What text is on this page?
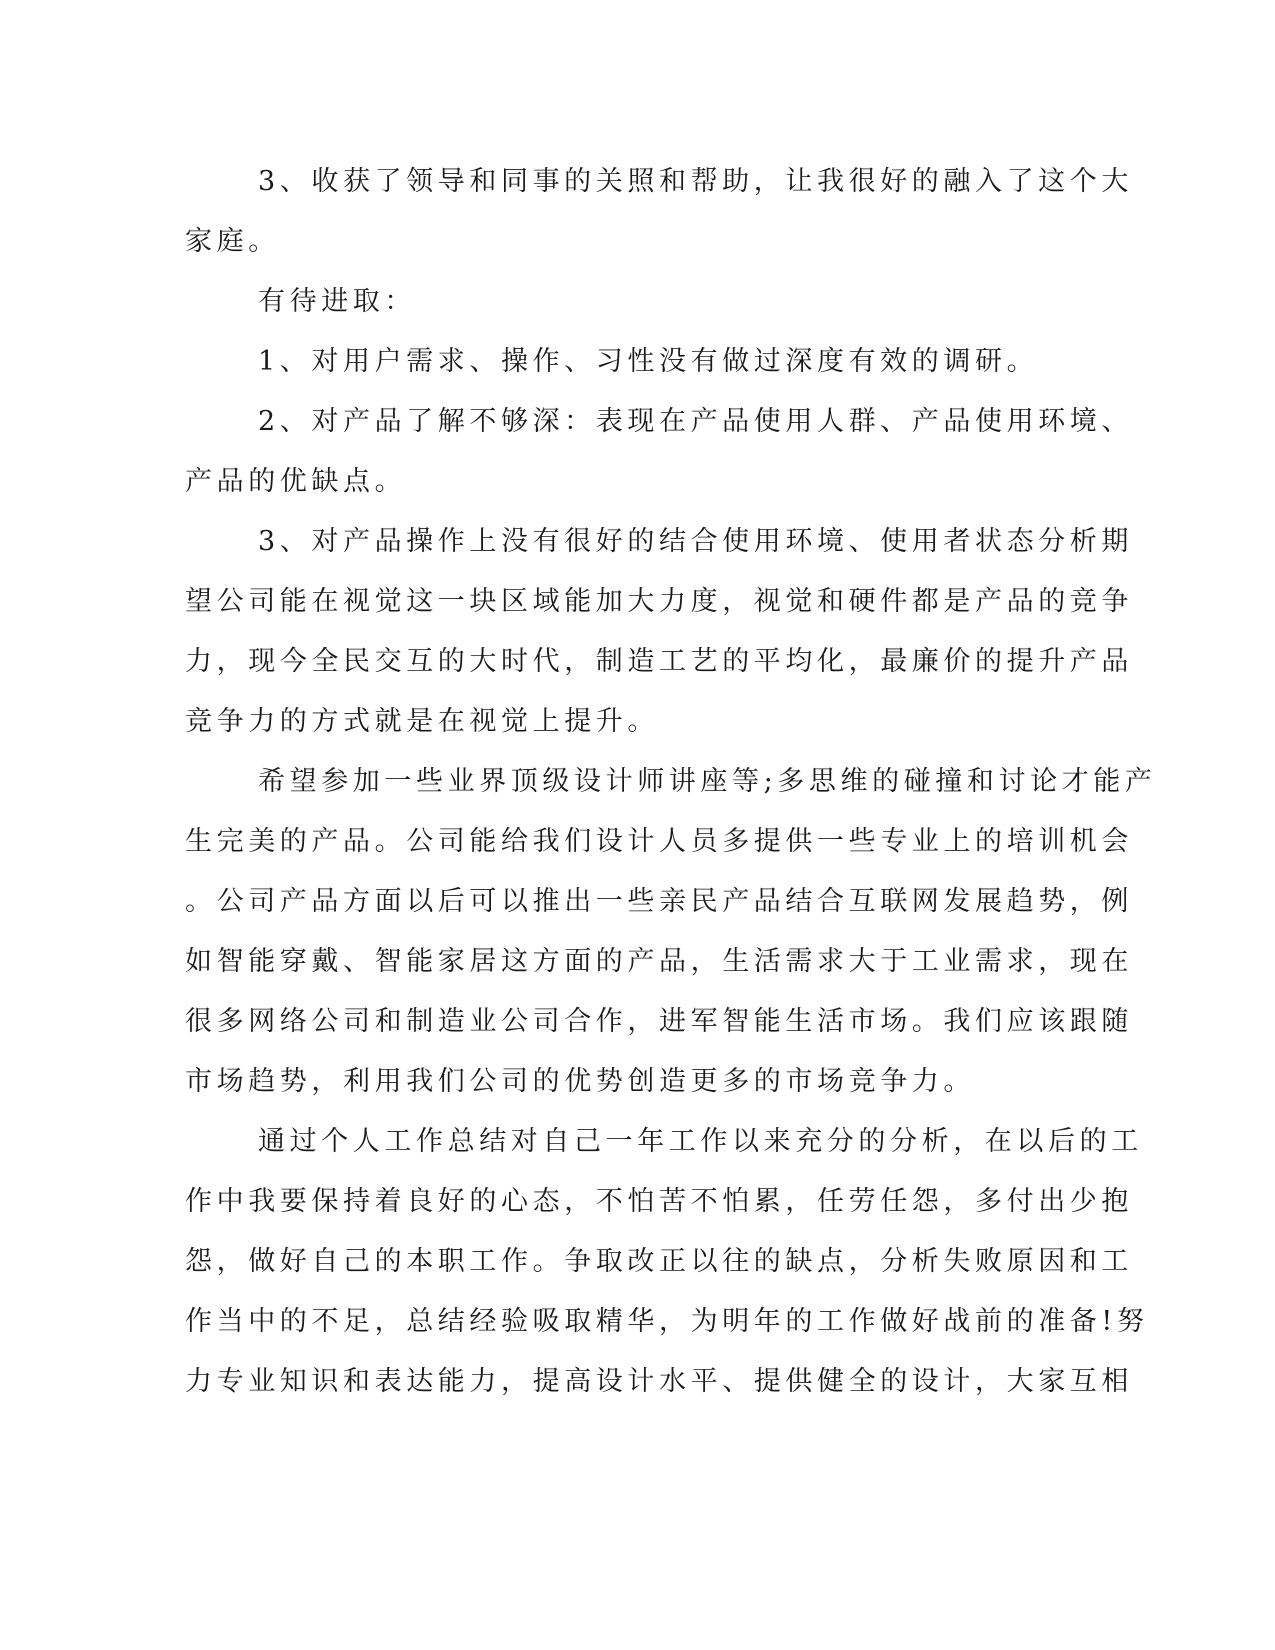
3、收获了领导和同事的关照和帮助，让我很好的融入了这个大
家庭。
有待进取：
1、对用户需求、操作、习性没有做过深度有效的调研。
2、对产品了解不够深：表现在产品使用人群、产品使用环境、
产品的优缺点。
3、对产品操作上没有很好的结合使用环境、使用者状态分析期
望公司能在视觉这一块区域能加大力度，视觉和硬件都是产品的竞争
力，现今全民交互的大时代，制造工艺的平均化，最廉价的提升产品
竞争力的方式就是在视觉上提升。
希望参加一些业界顶级设计师讲座等;多思维的碰撞和讨论才能产
生完美的产品。公司能给我们设计人员多提供一些专业上的培训机会
。公司产品方面以后可以推出一些亲民产品结合互联网发展趋势，例
如智能穿戴、智能家居这方面的产品，生活需求大于工业需求，现在
很多网络公司和制造业公司合作，进军智能生活市场。我们应该跟随
市场趋势，利用我们公司的优势创造更多的市场竞争力。
通过个人工作总结对自己一年工作以来充分的分析，在以后的工
作中我要保持着良好的心态，不怕苦不怕累，任劳任怨，多付出少抱
怨，做好自己的本职工作。争取改正以往的缺点，分析失败原因和工
作当中的不足，总结经验吸取精华，为明年的工作做好战前的准备!努
力专业知识和表达能力，提高设计水平、提供健全的设计，大家互相
